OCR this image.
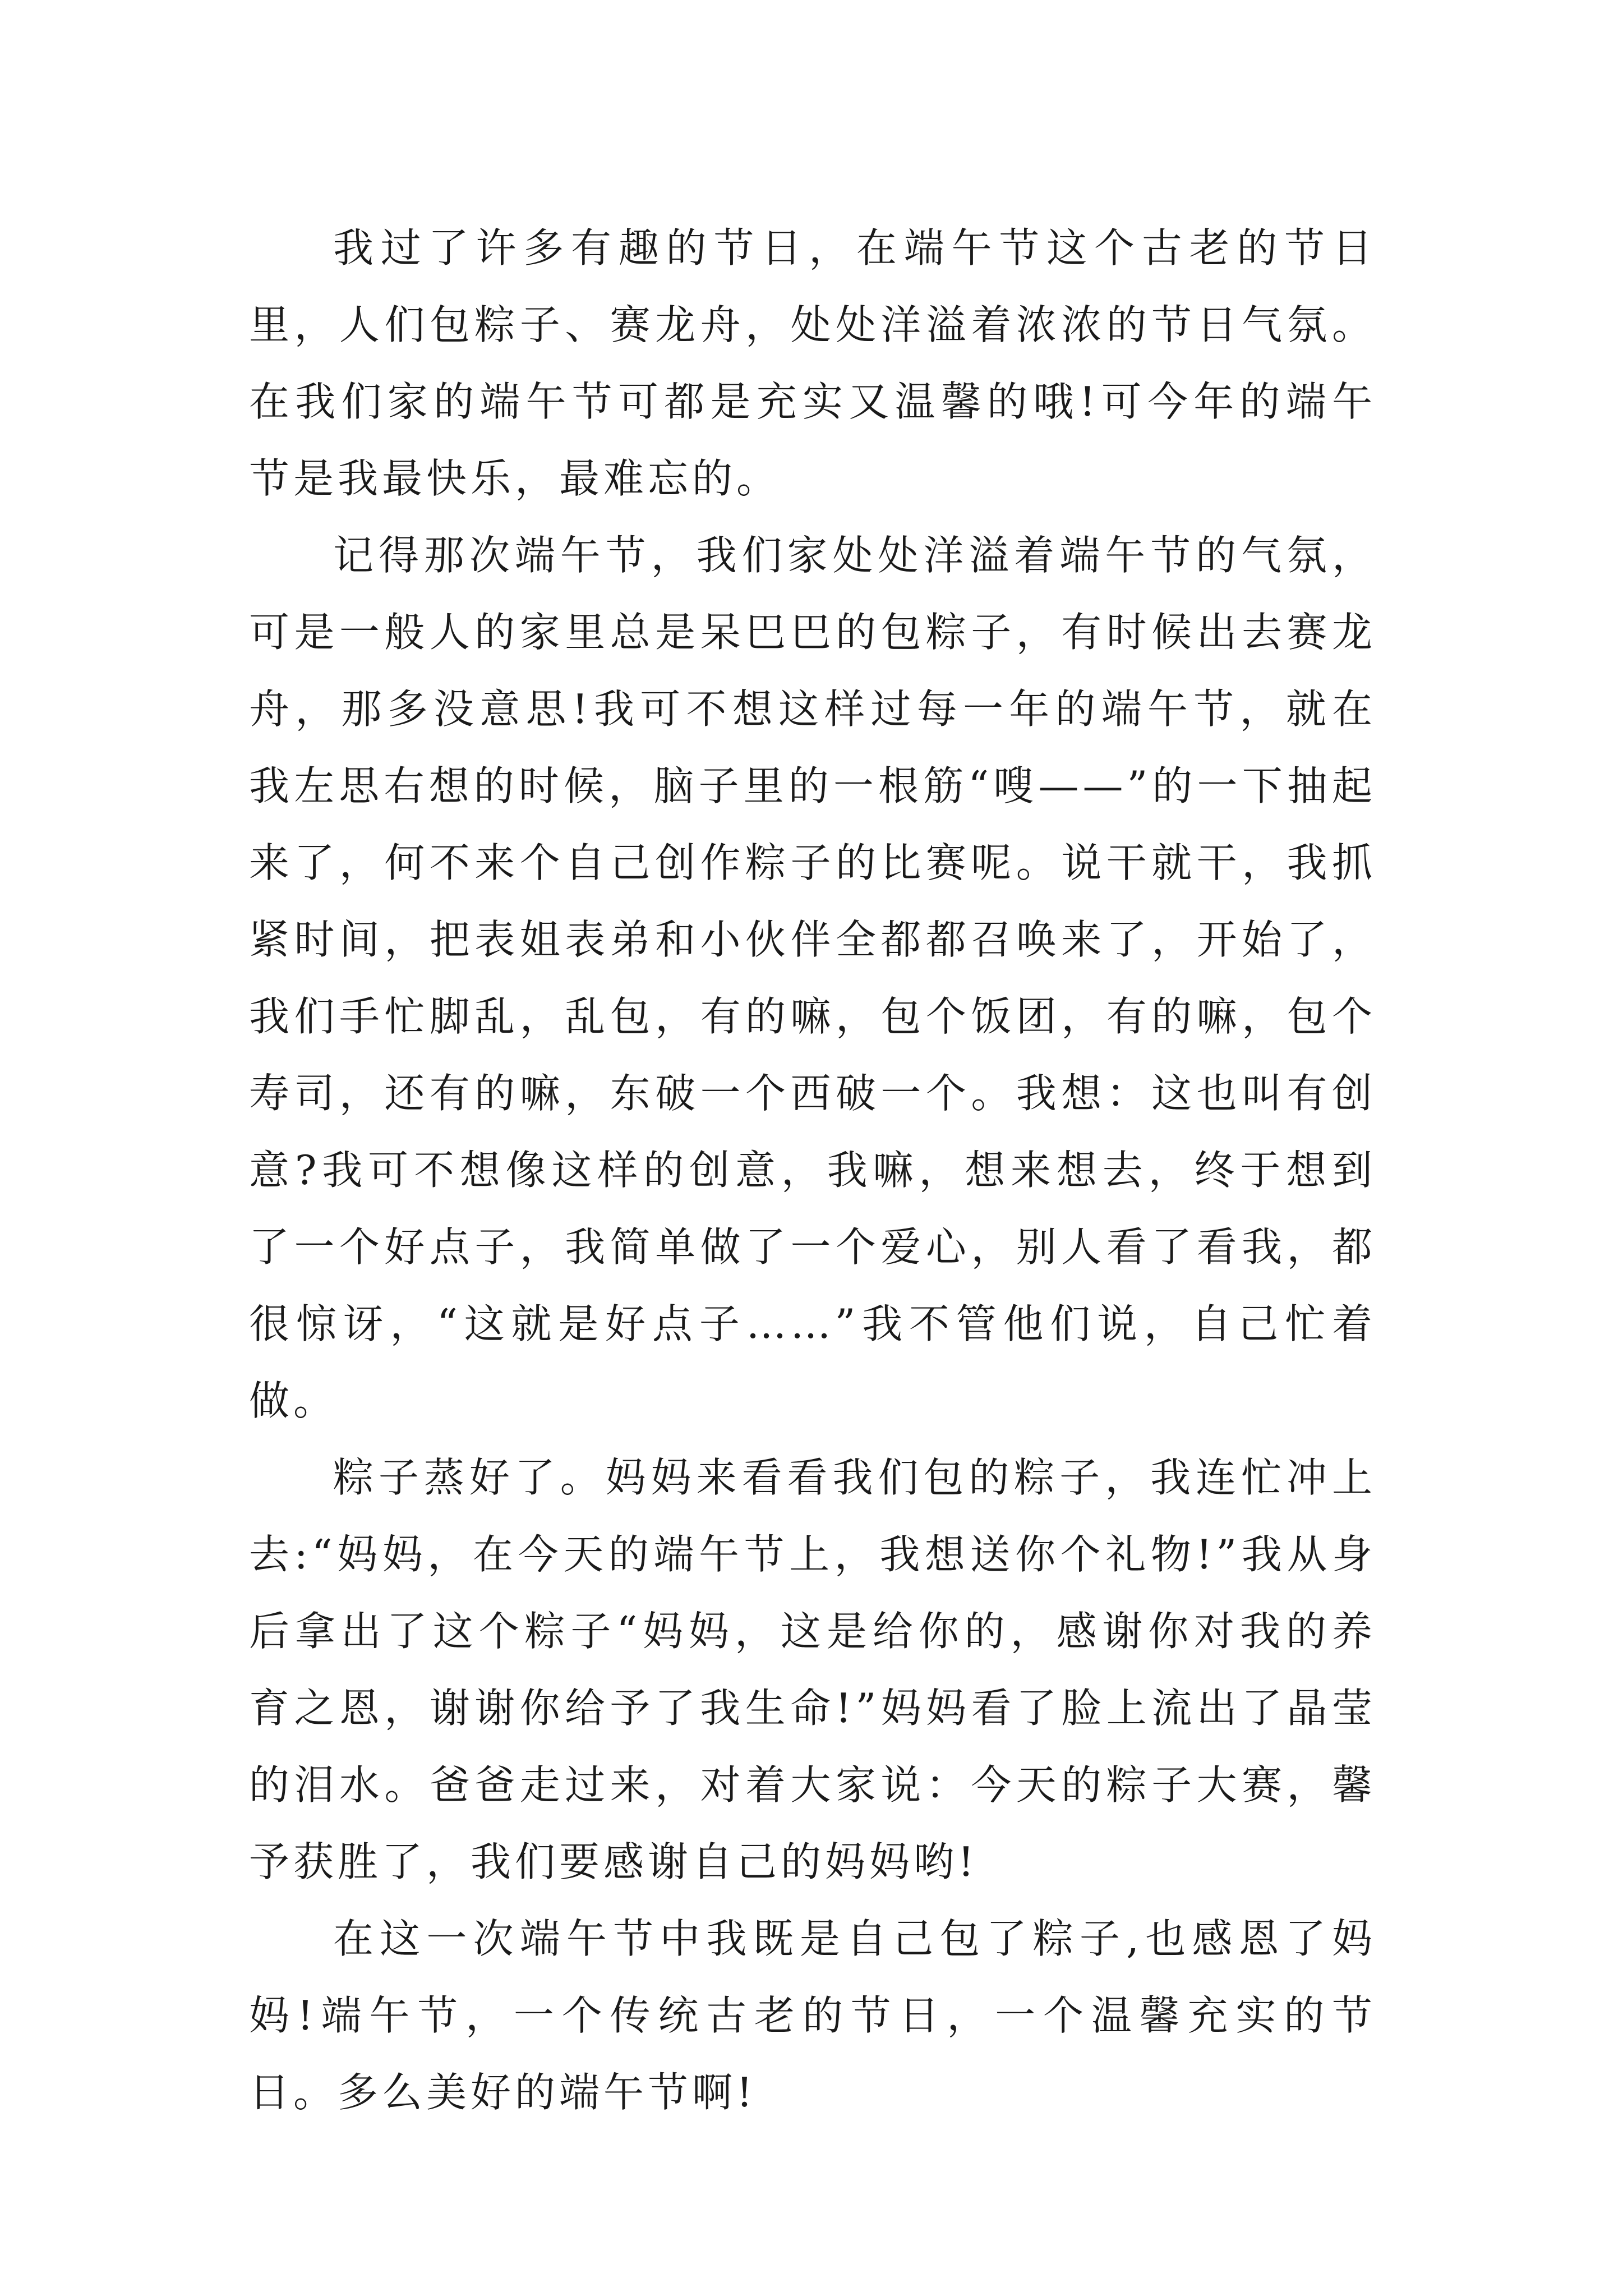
我过了许多有趣的节日，在端午节这个古老的节日里，人们包粽子、赛龙舟，处处洋溢着浓浓的节日气氛。在我们家的端午节可都是充实又温馨的哦!可今年的端午节是我最快乐，最难忘的。

记得那次端午节，我们家处处洋溢着端午节的气氛，可是一般人的家里总是呆巴巴的包粽子，有时候出去赛龙舟，那多没意思!我可不想这样过每一年的端午节，就在我左思右想的时候，脑子里的一根筋“嗖——”的一下抽起来了，何不来个自己创作粽子的比赛呢。说干就干，我抓紧时间，把表姐表弟和小伙伴全都都召唤来了，开始了，我们手忙脚乱，乱包，有的嘛，包个饭团，有的嘛，包个寿司，还有的嘛，东破一个西破一个。我想：这也叫有创意?我可不想像这样的创意，我嘛，想来想去，终于想到了一个好点子，我简单做了一个爱心，别人看了看我，都很惊讶，“这就是好点子……”我不管他们说，自己忙着做。

粽子蒸好了。妈妈来看看我们包的粽子，我连忙冲上去:“妈妈，在今天的端午节上，我想送你个礼物!”我从身后拿出了这个粽子“妈妈，这是给你的，感谢你对我的养育之恩，谢谢你给予了我生命!”妈妈看了脸上流出了晶莹的泪水。爸爸走过来，对着大家说：今天的粽子大赛，馨予获胜了，我们要感谢自己的妈妈哟!

在这一次端午节中我既是自己包了粽子,也感恩了妈妈!端午节，一个传统古老的节日，一个温馨充实的节日。多么美好的端午节啊!
